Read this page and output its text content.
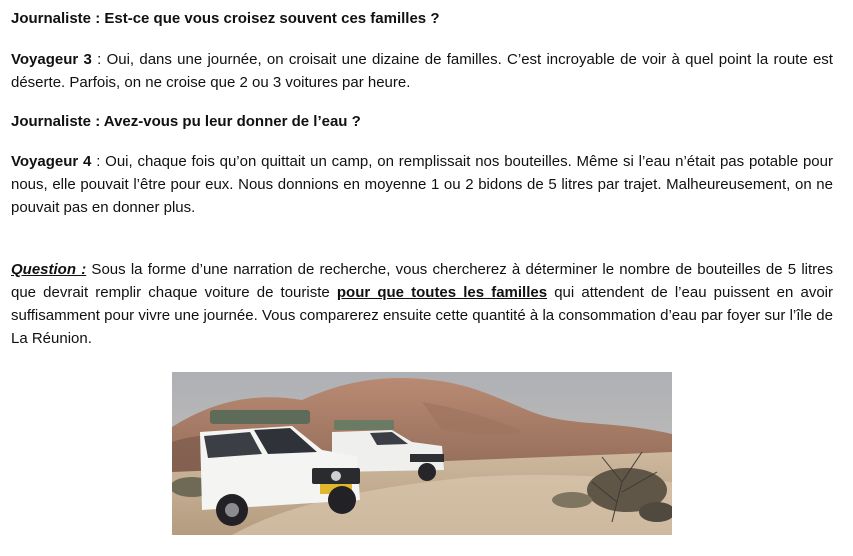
Journaliste : Est-ce que vous croisez souvent ces familles ?

Voyageur 3 : Oui, dans une journée, on croisait une dizaine de familles. C’est incroyable de voir à quel point la route est déserte. Parfois, on ne croise que 2 ou 3 voitures par heure.

Journaliste : Avez-vous pu leur donner de l’eau ?

Voyageur 4 : Oui, chaque fois qu’on quittait un camp, on remplissait nos bouteilles. Même si l’eau n’était pas potable pour nous, elle pouvait l’être pour eux. Nous donnions en moyenne 1 ou 2 bidons de 5 litres par trajet. Malheureusement, on ne pouvait pas en donner plus.

Question : Sous la forme d’une narration de recherche, vous chercherez à déterminer le nombre de bouteilles de 5 litres que devrait remplir chaque voiture de touriste pour que toutes les familles qui attendent de l’eau puissent en avoir suffisamment pour vivre une journée. Vous comparerez ensuite cette quantité à la consommation d’eau par foyer sur l’île de La Réunion.
